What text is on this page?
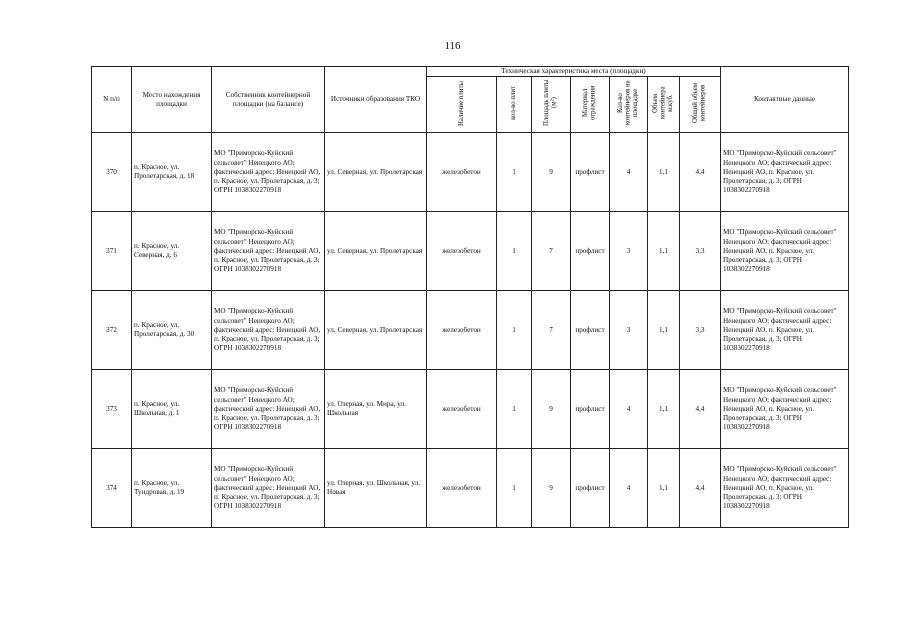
116
N п/п	Место нахождения площадки	Собственник контейнерной площадки (на балансе)	Источники образования ТКО	Техническая характеристика места (площадки)							Контактные данные
				Наличие плиты	кол-во плит	Площадь плиты (м²)	Материал ограждения	Кол-во контейнеров на площадке	Объем контейнера м.куб.	Общий объем контейнеров	
370	п. Красное, ул. Пролетарская, д. 18	МО "Приморско-Куйский сельсовет" Ненецкого АО; фактический адрес: Ненецкий АО, п. Красное, ул. Пролетарская, д. 3; ОГРН 1038302270918	ул. Северная, ул. Пролетарская	железобетон	1	9	профлист	4	1,1	4,4	МО "Приморско-Куйский сельсовет" Ненецкого АО; фактический адрес: Ненецкий АО, п. Красное, ул. Пролетарская, д. 3; ОГРН 1038302270918
371	п. Красное, ул. Северная, д. 6	МО "Приморско-Куйский сельсовет" Ненецкого АО; фактический адрес: Ненецкий АО, п. Красное, ул. Пролетарская, д. 3; ОГРН 1038302270918	ул. Северная, ул. Пролетарская	железобетон	1	7	профлист	3	1,1	3,3	МО "Приморско-Куйский сельсовет" Ненецкого АО; фактический адрес: Ненецкий АО, п. Красное, ул. Пролетарская, д. 3; ОГРН 1038302270918
372	п. Красное, ул. Пролетарская, д. 30	МО "Приморско-Куйский сельсовет" Ненецкого АО; фактический адрес: Ненецкий АО, п. Красное, ул. Пролетарская, д. 3; ОГРН 1038302270918	ул. Северная, ул. Пролетарская	железобетон	1	7	профлист	3	1,1	3,3	МО "Приморско-Куйский сельсовет" Ненецкого АО; фактический адрес: Ненецкий АО, п. Красное, ул. Пролетарская, д. 3; ОГРН 1038302270918
373	п. Красное, ул. Школьная, д. 1	МО "Приморско-Куйский сельсовет" Ненецкого АО; фактический адрес: Ненецкий АО, п. Красное, ул. Пролетарская, д. 3; ОГРН 1038302270918	ул. Озерная, ул. Мира, ул. Школьная	железобетон	1	9	профлист	4	1,1	4,4	МО "Приморско-Куйский сельсовет" Ненецкого АО; фактический адрес: Ненецкий АО, п. Красное, ул. Пролетарская, д. 3; ОГРН 1038302270918
374	п. Красное, ул. Тундровая, д. 19	МО "Приморско-Куйский сельсовет" Ненецкого АО; фактический адрес: Ненецкий АО, п. Красное, ул. Пролетарская, д. 3; ОГРН 1038302270918	ул. Озерная, ул. Школьная, ул. Новая	железобетон	1	9	профлист	4	1,1	4,4	МО "Приморско-Куйский сельсовет" Ненецкого АО; фактический адрес: Ненецкий АО, п. Красное, ул. Пролетарская, д. 3; ОГРН 1038302270918
